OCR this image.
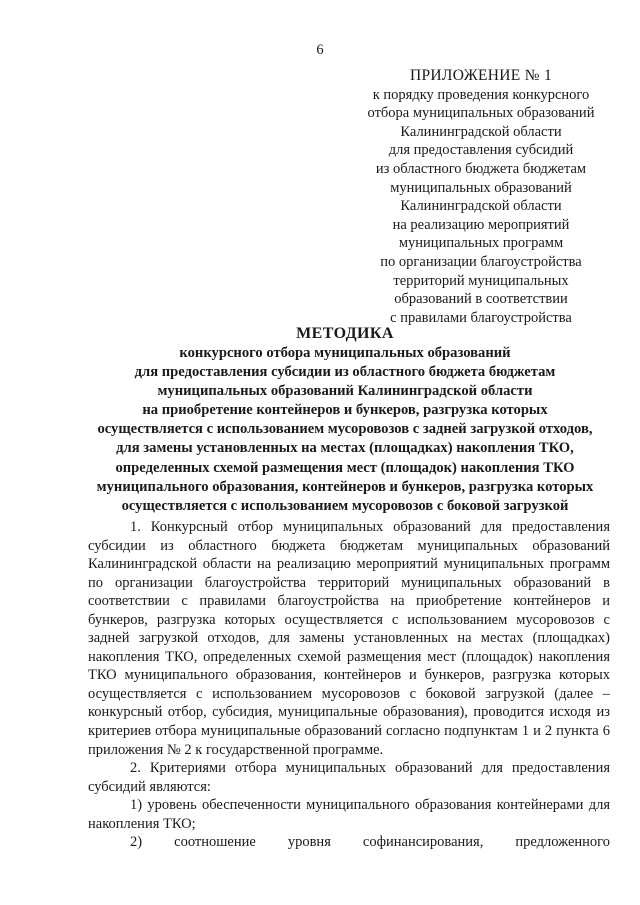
6
ПРИЛОЖЕНИЕ № 1
к порядку проведения конкурсного
отбора муниципальных образований
Калининградской области
для предоставления субсидий
из областного бюджета бюджетам
муниципальных образований
Калининградской области
на реализацию мероприятий
муниципальных программ
по организации благоустройства
территорий муниципальных
образований в соответствии
с правилами благоустройства
МЕТОДИКА
конкурсного отбора муниципальных образований
для предоставления субсидии из областного бюджета бюджетам
муниципальных образований Калининградской области
на приобретение контейнеров и бункеров, разгрузка которых
осуществляется с использованием мусоровозов с задней загрузкой отходов,
для замены установленных на местах (площадках) накопления ТКО,
определенных схемой размещения мест (площадок) накопления ТКО
муниципального образования, контейнеров и бункеров, разгрузка которых
осуществляется с использованием мусоровозов с боковой загрузкой

1. Конкурсный отбор муниципальных образований для предоставления субсидии из областного бюджета бюджетам муниципальных образований Калининградской области на реализацию мероприятий муниципальных программ по организации благоустройства территорий муниципальных образований в соответствии с правилами благоустройства на приобретение контейнеров и бункеров, разгрузка которых осуществляется с использованием мусоровозов с задней загрузкой отходов, для замены установленных на местах (площадках) накопления ТКО, определенных схемой размещения мест (площадок) накопления ТКО муниципального образования, контейнеров и бункеров, разгрузка которых осуществляется с использованием мусоровозов с боковой загрузкой (далее – конкурсный отбор, субсидия, муниципальные образования), проводится исходя из критериев отбора муниципальные образований согласно подпунктам 1 и 2 пункта 6 приложения № 2 к государственной программе.

2. Критериями отбора муниципальных образований для предоставления субсидий являются:

1) уровень обеспеченности муниципального образования контейнерами для накопления ТКО;

2) соотношение уровня софинансирования, предложенного
